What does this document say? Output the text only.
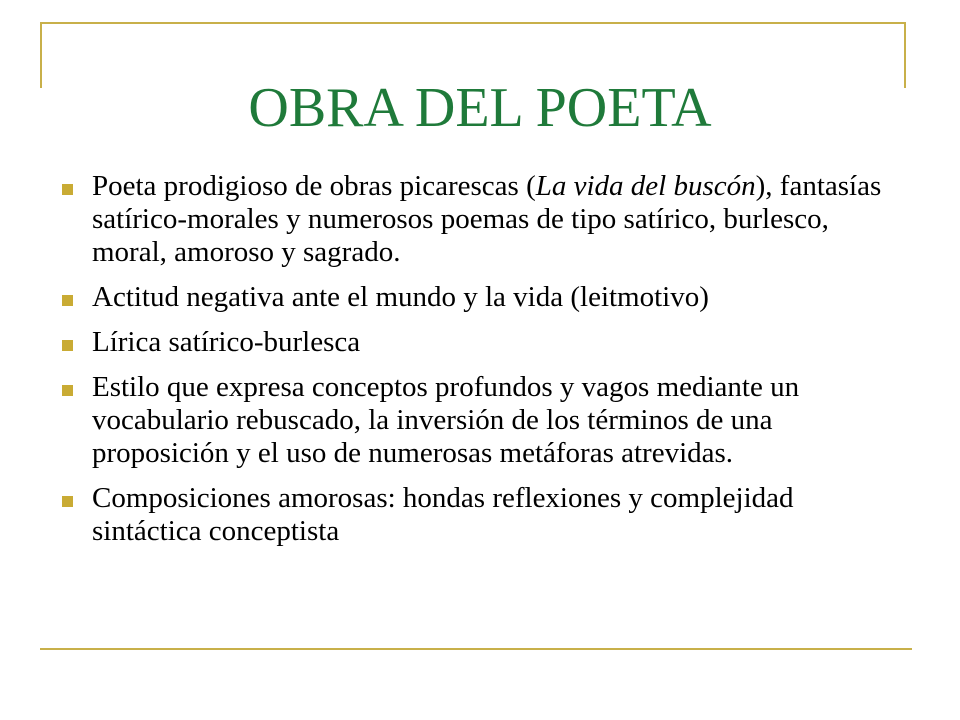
OBRA DEL POETA
Poeta prodigioso de obras picarescas (La vida del buscón), fantasías satírico-morales y numerosos poemas de tipo satírico, burlesco, moral, amoroso y sagrado.
Actitud negativa ante el mundo y la vida (leitmotivo)
Lírica satírico-burlesca
Estilo que expresa conceptos profundos y vagos mediante un vocabulario rebuscado, la inversión de los términos de una proposición y el uso de numerosas metáforas atrevidas.
Composiciones amorosas: hondas reflexiones y complejidad sintáctica conceptista
